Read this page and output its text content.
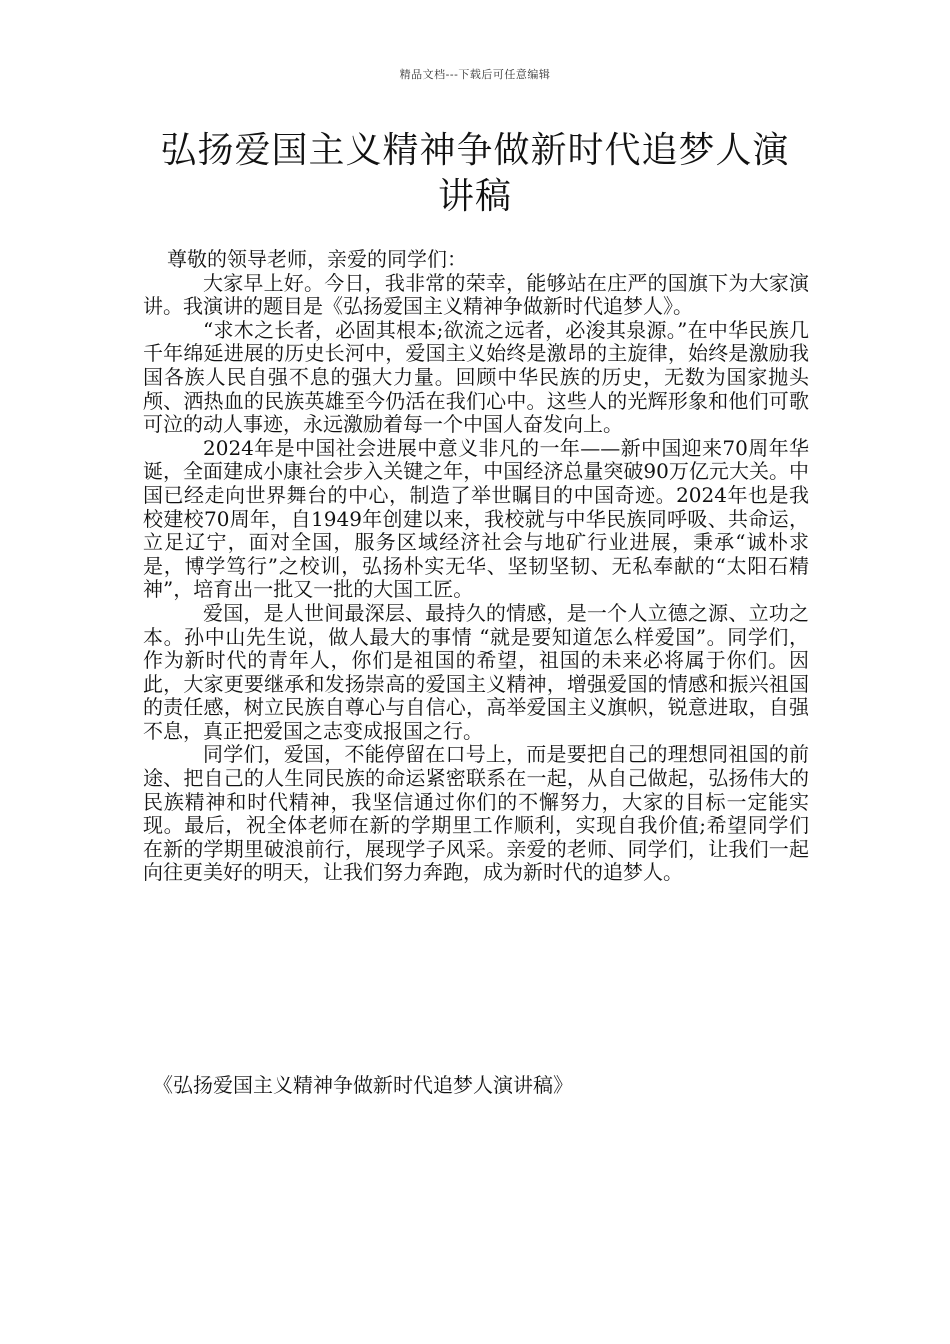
精品文档---下载后可任意编辑
弘扬爱国主义精神争做新时代追梦人演讲稿

尊敬的领导老师，亲爱的同学们：

大家早上好。今日，我非常的荣幸，能够站在庄严的国旗下为大家演讲。我演讲的题目是《弘扬爱国主义精神争做新时代追梦人》。

“求木之长者，必固其根本;欲流之远者，必浚其泉源。”在中华民族几千年绵延进展的历史长河中，爱国主义始终是激昂的主旋律，始终是激励我国各族人民自强不息的强大力量。回顾中华民族的历史，无数为国家抛头颅、洒热血的民族英雄至今仍活在我们心中。这些人的光辉形象和他们可歌可泣的动人事迹，永远激励着每一个中国人奋发向上。

2024年是中国社会进展中意义非凡的一年——新中国迎来70周年华诞，全面建成小康社会步入关键之年，中国经济总量突破90万亿元大关。中国已经走向世界舞台的中心，制造了举世瞩目的中国奇迹。2024年也是我校建校70周年，自1949年创建以来，我校就与中华民族同呼吸、共命运，立足辽宁，面对全国，服务区域经济社会与地矿行业进展，秉承“诚朴求是，博学笃行”之校训，弘扬朴实无华、坚韧坚韧、无私奉献的“太阳石精神”，培育出一批又一批的大国工匠。

爱国，是人世间最深层、最持久的情感，是一个人立德之源、立功之本。孙中山先生说，做人最大的事情 “就是要知道怎么样爱国”。同学们，作为新时代的青年人，你们是祖国的希望，祖国的未来必将属于你们。因此，大家更要继承和发扬崇高的爱国主义精神，增强爱国的情感和振兴祖国的责任感，树立民族自尊心与自信心，高举爱国主义旗帜，锐意进取，自强不息，真正把爱国之志变成报国之行。

同学们，爱国，不能停留在口号上，而是要把自己的理想同祖国的前途、把自己的人生同民族的命运紧密联系在一起，从自己做起，弘扬伟大的民族精神和时代精神，我坚信通过你们的不懈努力，大家的目标一定能实现。最后，祝全体老师在新的学期里工作顺利，实现自我价值;希望同学们在新的学期里破浪前行，展现学子风采。亲爱的老师、同学们，让我们一起向往更美好的明天，让我们努力奔跑，成为新时代的追梦人。

《弘扬爱国主义精神争做新时代追梦人演讲稿》
